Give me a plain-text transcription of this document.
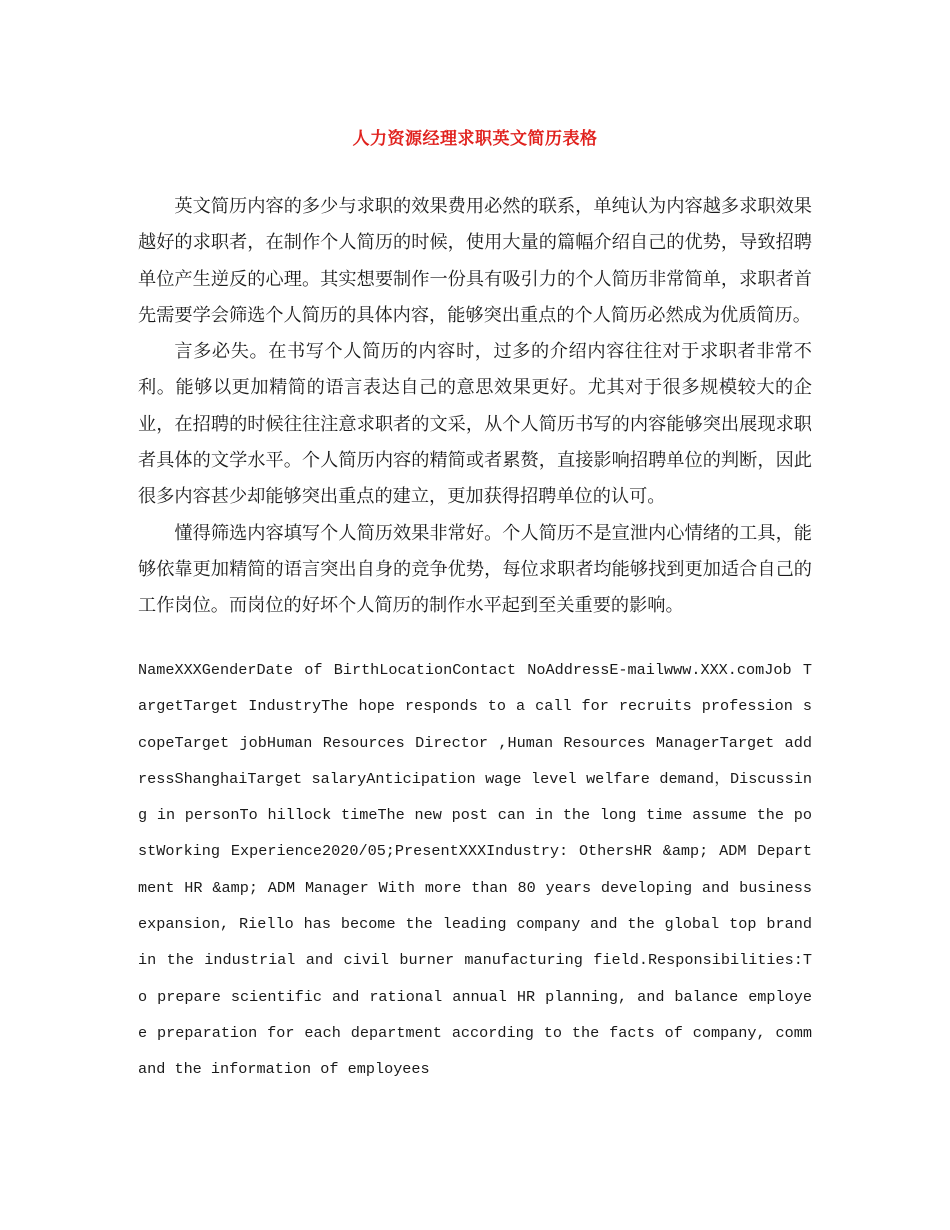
人力资源经理求职英文简历表格

英文简历内容的多少与求职的效果费用必然的联系，单纯认为内容越多求职效果越好的求职者，在制作个人简历的时候，使用大量的篇幅介绍自己的优势，导致招聘单位产生逆反的心理。其实想要制作一份具有吸引力的个人简历非常简单，求职者首先需要学会筛选个人简历的具体内容，能够突出重点的个人简历必然成为优质简历。

言多必失。在书写个人简历的内容时，过多的介绍内容往往对于求职者非常不利。能够以更加精简的语言表达自己的意思效果更好。尤其对于很多规模较大的企业，在招聘的时候往往注意求职者的文采，从个人简历书写的内容能够突出展现求职者具体的文学水平。个人简历内容的精简或者累赘，直接影响招聘单位的判断，因此很多内容甚少却能够突出重点的建立，更加获得招聘单位的认可。

懂得筛选内容填写个人简历效果非常好。个人简历不是宣泄内心情绪的工具，能够依靠更加精简的语言突出自身的竞争优势，每位求职者均能够找到更加适合自己的工作岗位。而岗位的好坏个人简历的制作水平起到至关重要的影响。

NameXXXGenderDate of BirthLocationContact NoAddressE-mailwww.XXX.comJob TargetTarget IndustryThe hope responds to a call for recruits profession scopeTarget jobHuman Resources Director ,Human Resources ManagerTarget addressShanghaiTarget salaryAnticipation wage level welfare demand，Discussing in personTo hillock timeThe new post can in the long time assume the postWorking Experience2020/05;PresentXXXIndustry: OthersHR &amp; ADM Department HR &amp; ADM Manager With more than 80 years developing and business expansion, Riello has become the leading company and the global top brand in the industrial and civil burner manufacturing field.Responsibilities:To prepare scientific and rational annual HR planning, and balance employee preparation for each department according to the facts of company, command the information of employees
